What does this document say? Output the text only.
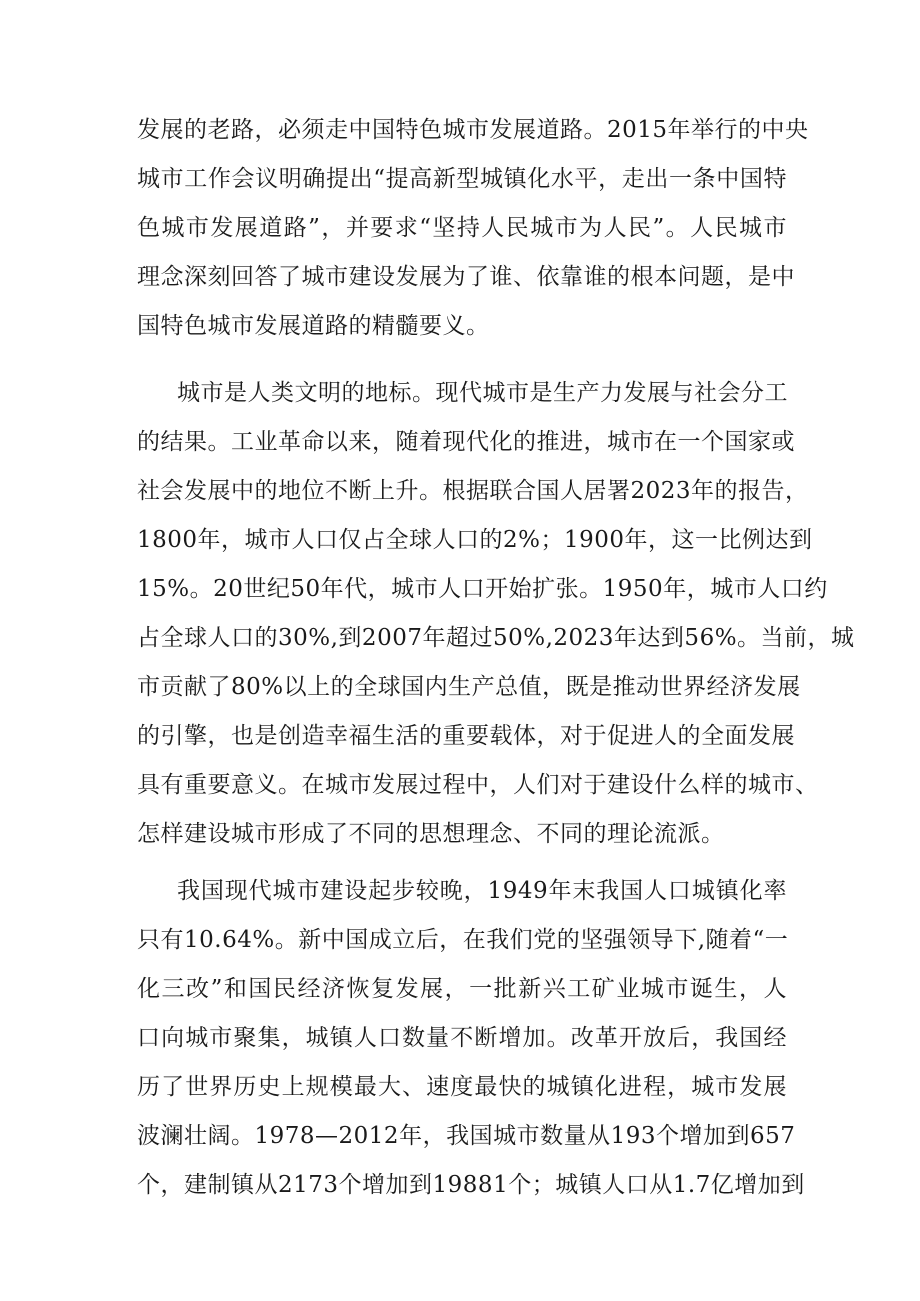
发展的老路，必须走中国特色城市发展道路。2015年举行的中央
城市工作会议明确提出“提高新型城镇化水平，走出一条中国特
色城市发展道路”，并要求“坚持人民城市为人民”。人民城市
理念深刻回答了城市建设发展为了谁、依靠谁的根本问题，是中
国特色城市发展道路的精髓要义。
城市是人类文明的地标。现代城市是生产力发展与社会分工
的结果。工业革命以来，随着现代化的推进，城市在一个国家或
社会发展中的地位不断上升。根据联合国人居署2023年的报告，
1800年，城市人口仅占全球人口的2%；1900年，这一比例达到
15%。20世纪50年代，城市人口开始扩张。1950年，城市人口约
占全球人口的30%,到2007年超过50%,2023年达到56%。当前，城
市贡献了80%以上的全球国内生产总值，既是推动世界经济发展
的引擎，也是创造幸福生活的重要载体，对于促进人的全面发展
具有重要意义。在城市发展过程中，人们对于建设什么样的城市、
怎样建设城市形成了不同的思想理念、不同的理论流派。
我国现代城市建设起步较晚，1949年末我国人口城镇化率
只有10.64%。新中国成立后，在我们党的坚强领导下,随着“一
化三改”和国民经济恢复发展，一批新兴工矿业城市诞生，人
口向城市聚集，城镇人口数量不断增加。改革开放后，我国经
历了世界历史上规模最大、速度最快的城镇化进程，城市发展
波澜壮阔。1978—2012年，我国城市数量从193个增加到657
个，建制镇从2173个增加到19881个；城镇人口从1.7亿增加到
